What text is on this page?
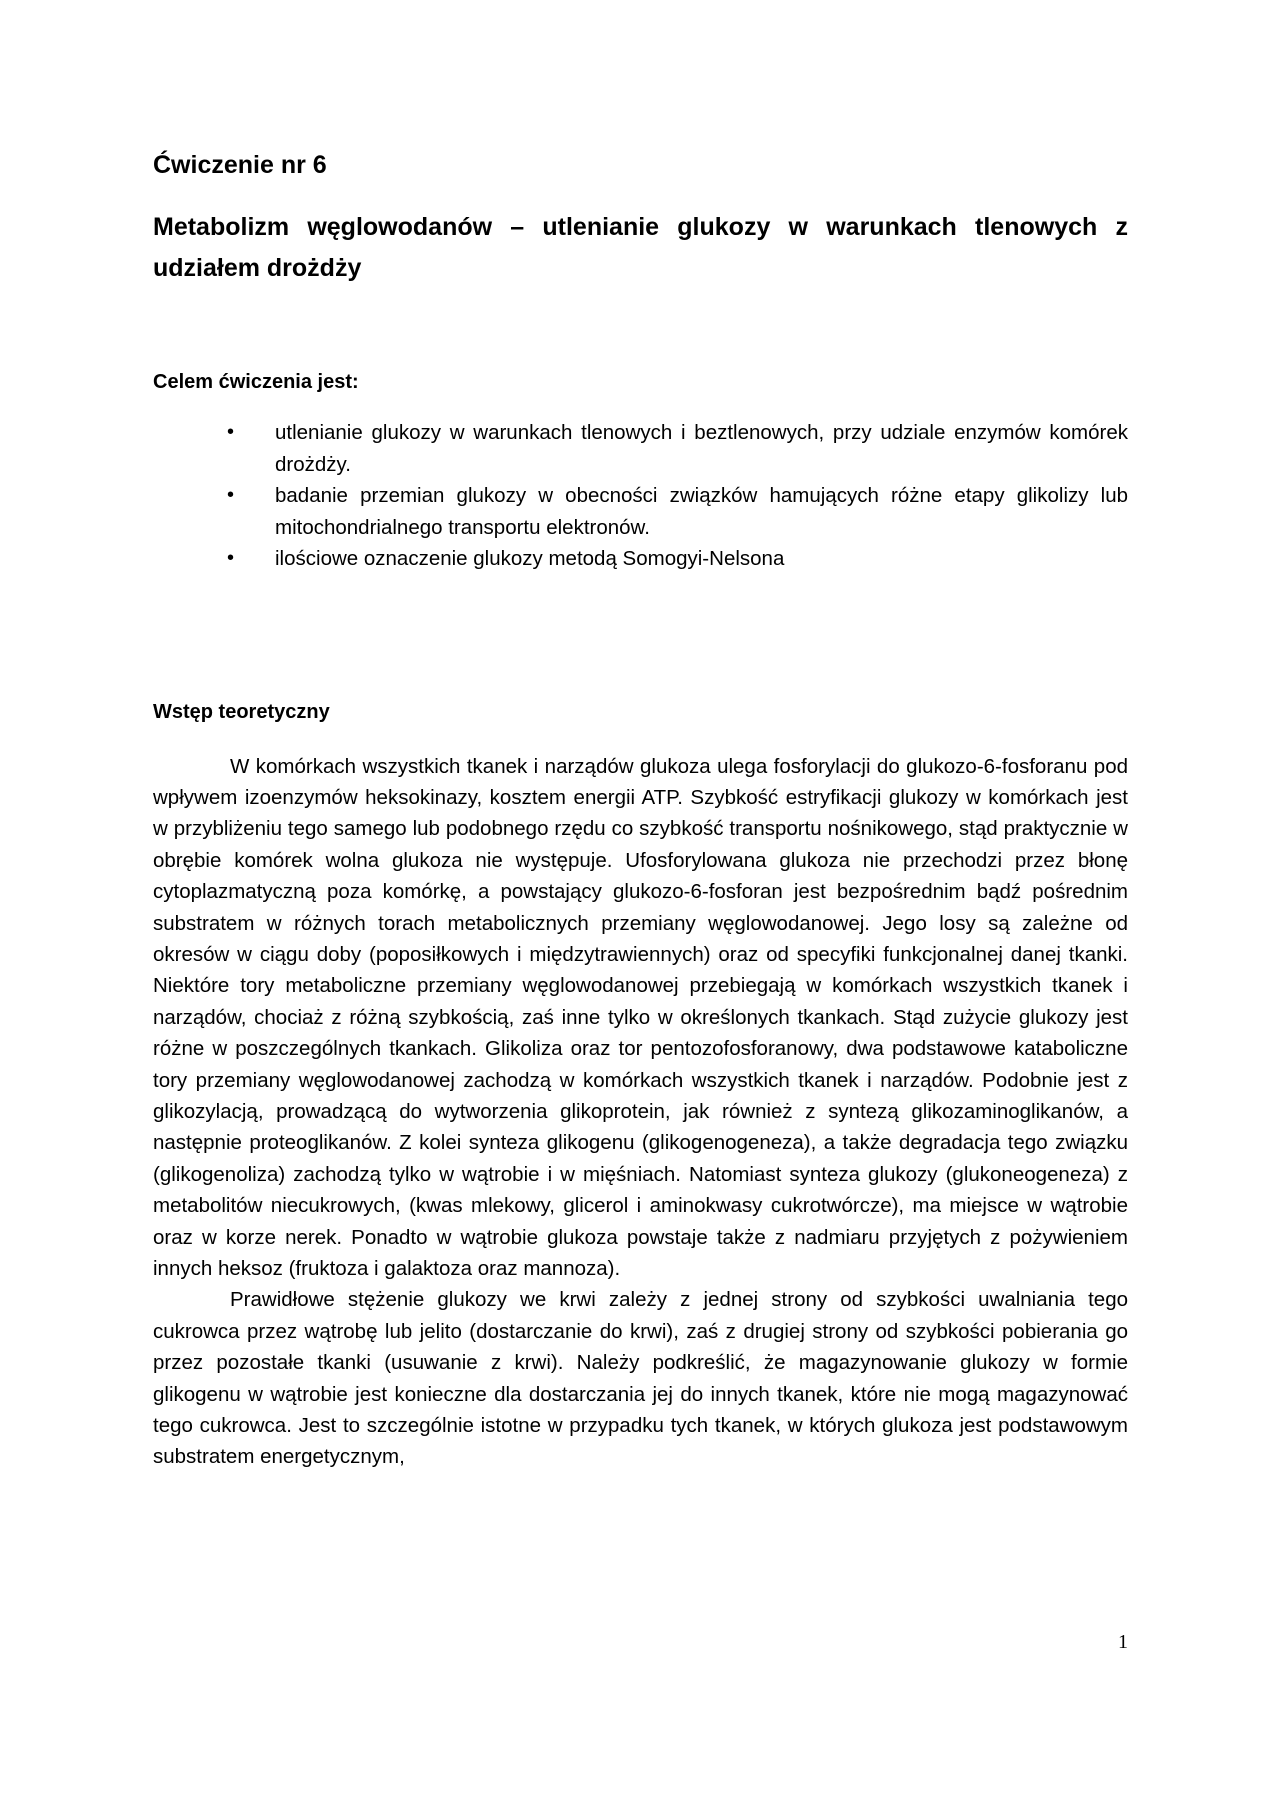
Ćwiczenie nr 6
Metabolizm węglowodanów – utlenianie glukozy w warunkach tlenowych z udziałem drożdży
Celem ćwiczenia jest:
• utlenianie glukozy w warunkach tlenowych i beztlenowych, przy udziale enzymów komórek drożdży.
• badanie przemian glukozy w obecności związków hamujących różne etapy glikolizy lub mitochondrialnego transportu elektronów.
• ilościowe oznaczenie glukozy metodą Somogyi-Nelsona
Wstęp teoretyczny

W komórkach wszystkich tkanek i narządów glukoza ulega fosforylacji do glukozo-6-fosforanu pod wpływem izoenzymów heksokinazy, kosztem energii ATP. Szybkość estryfikacji glukozy w komórkach jest w przybliżeniu tego samego lub podobnego rzędu co szybkość transportu nośnikowego, stąd praktycznie w obrębie komórek wolna glukoza nie występuje. Ufosforylowana glukoza nie przechodzi przez błonę cytoplazmatyczną poza komórkę, a powstający glukozo-6-fosforan jest bezpośrednim bądź pośrednim substratem w różnych torach metabolicznych przemiany węglowodanowej. Jego losy są zależne od okresów w ciągu doby (poposiłkowych i międzytrawiennych) oraz od specyfiki funkcjonalnej danej tkanki. Niektóre tory metaboliczne przemiany węglowodanowej przebiegają w komórkach wszystkich tkanek i narządów, chociaż z różną szybkością, zaś inne tylko w określonych tkankach. Stąd zużycie glukozy jest różne w poszczególnych tkankach. Glikoliza oraz tor pentozofosforanowy, dwa podstawowe kataboliczne tory przemiany węglowodanowej zachodzą w komórkach wszystkich tkanek i narządów. Podobnie jest z glikozylacją, prowadzącą do wytworzenia glikoprotein, jak również z syntezą glikozaminoglikanów, a następnie proteoglikanów. Z kolei synteza glikogenu (glikogenogeneza), a także degradacja tego związku (glikogenoliza) zachodzą tylko w wątrobie i w mięśniach. Natomiast synteza glukozy (glukoneogeneza) z metabolitów niecukrowych, (kwas mlekowy, glicerol i aminokwasy cukrotwórcze), ma miejsce w wątrobie oraz w korze nerek. Ponadto w wątrobie glukoza powstaje także z nadmiaru przyjętych z pożywieniem innych heksoz (fruktoza i galaktoza oraz mannoza).

Prawidłowe stężenie glukozy we krwi zależy z jednej strony od szybkości uwalniania tego cukrowca przez wątrobę lub jelito (dostarczanie do krwi), zaś z drugiej strony od szybkości pobierania go przez pozostałe tkanki (usuwanie z krwi). Należy podkreślić, że magazynowanie glukozy w formie glikogenu w wątrobie jest konieczne dla dostarczania jej do innych tkanek, które nie mogą magazynować tego cukrowca. Jest to szczególnie istotne w przypadku tych tkanek, w których glukoza jest podstawowym substratem energetycznym,

1
